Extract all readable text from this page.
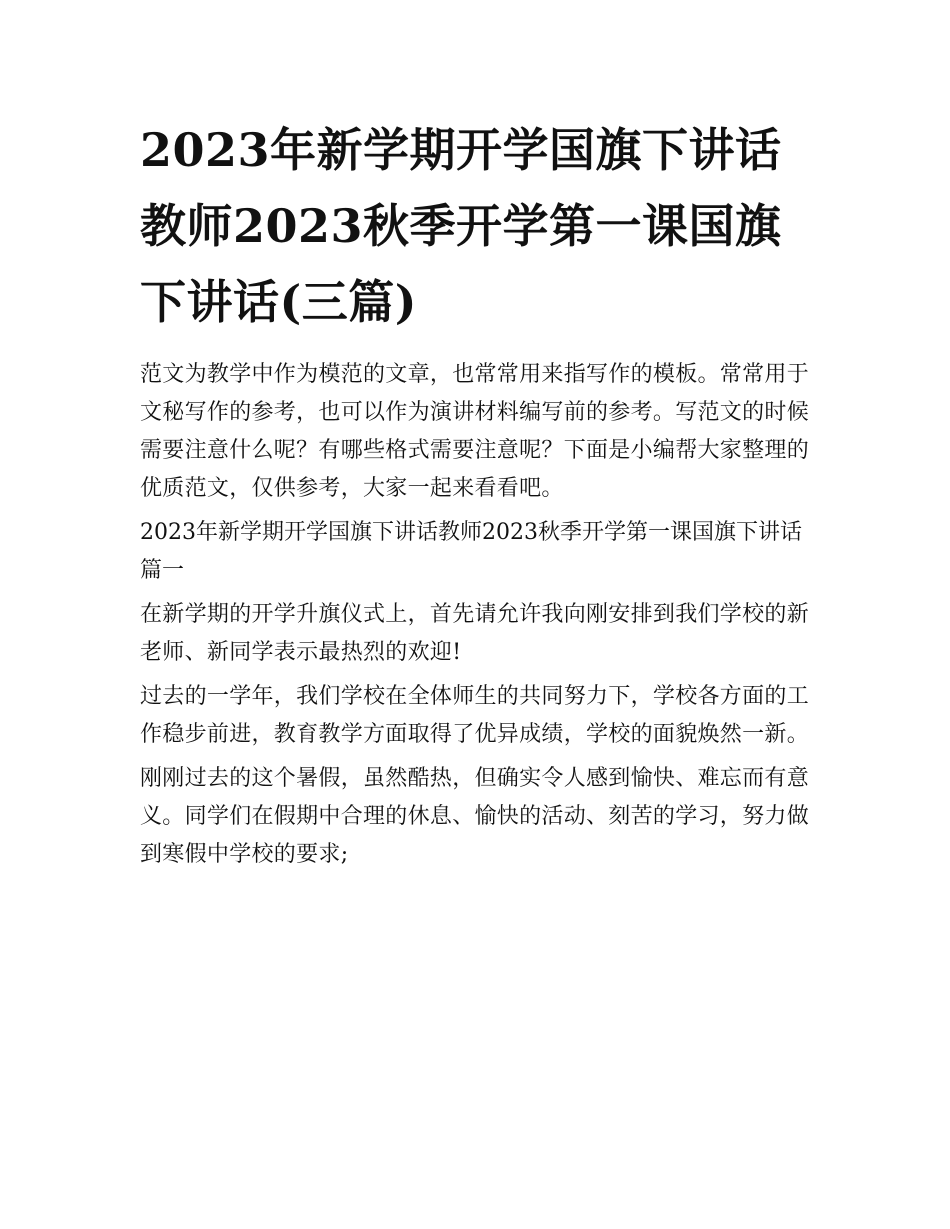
2023年新学期开学国旗下讲话教师2023秋季开学第一课国旗下讲话(三篇)

范文为教学中作为模范的文章，也常常用来指写作的模板。常常用于文秘写作的参考，也可以作为演讲材料编写前的参考。写范文的时候需要注意什么呢？有哪些格式需要注意呢？下面是小编帮大家整理的优质范文，仅供参考，大家一起来看看吧。

2023年新学期开学国旗下讲话教师2023秋季开学第一课国旗下讲话篇一

在新学期的开学升旗仪式上，首先请允许我向刚安排到我们学校的新老师、新同学表示最热烈的欢迎!

过去的一学年，我们学校在全体师生的共同努力下，学校各方面的工作稳步前进，教育教学方面取得了优异成绩，学校的面貌焕然一新。

刚刚过去的这个暑假，虽然酷热，但确实令人感到愉快、难忘而有意义。同学们在假期中合理的休息、愉快的活动、刻苦的学习，努力做到寒假中学校的要求;
